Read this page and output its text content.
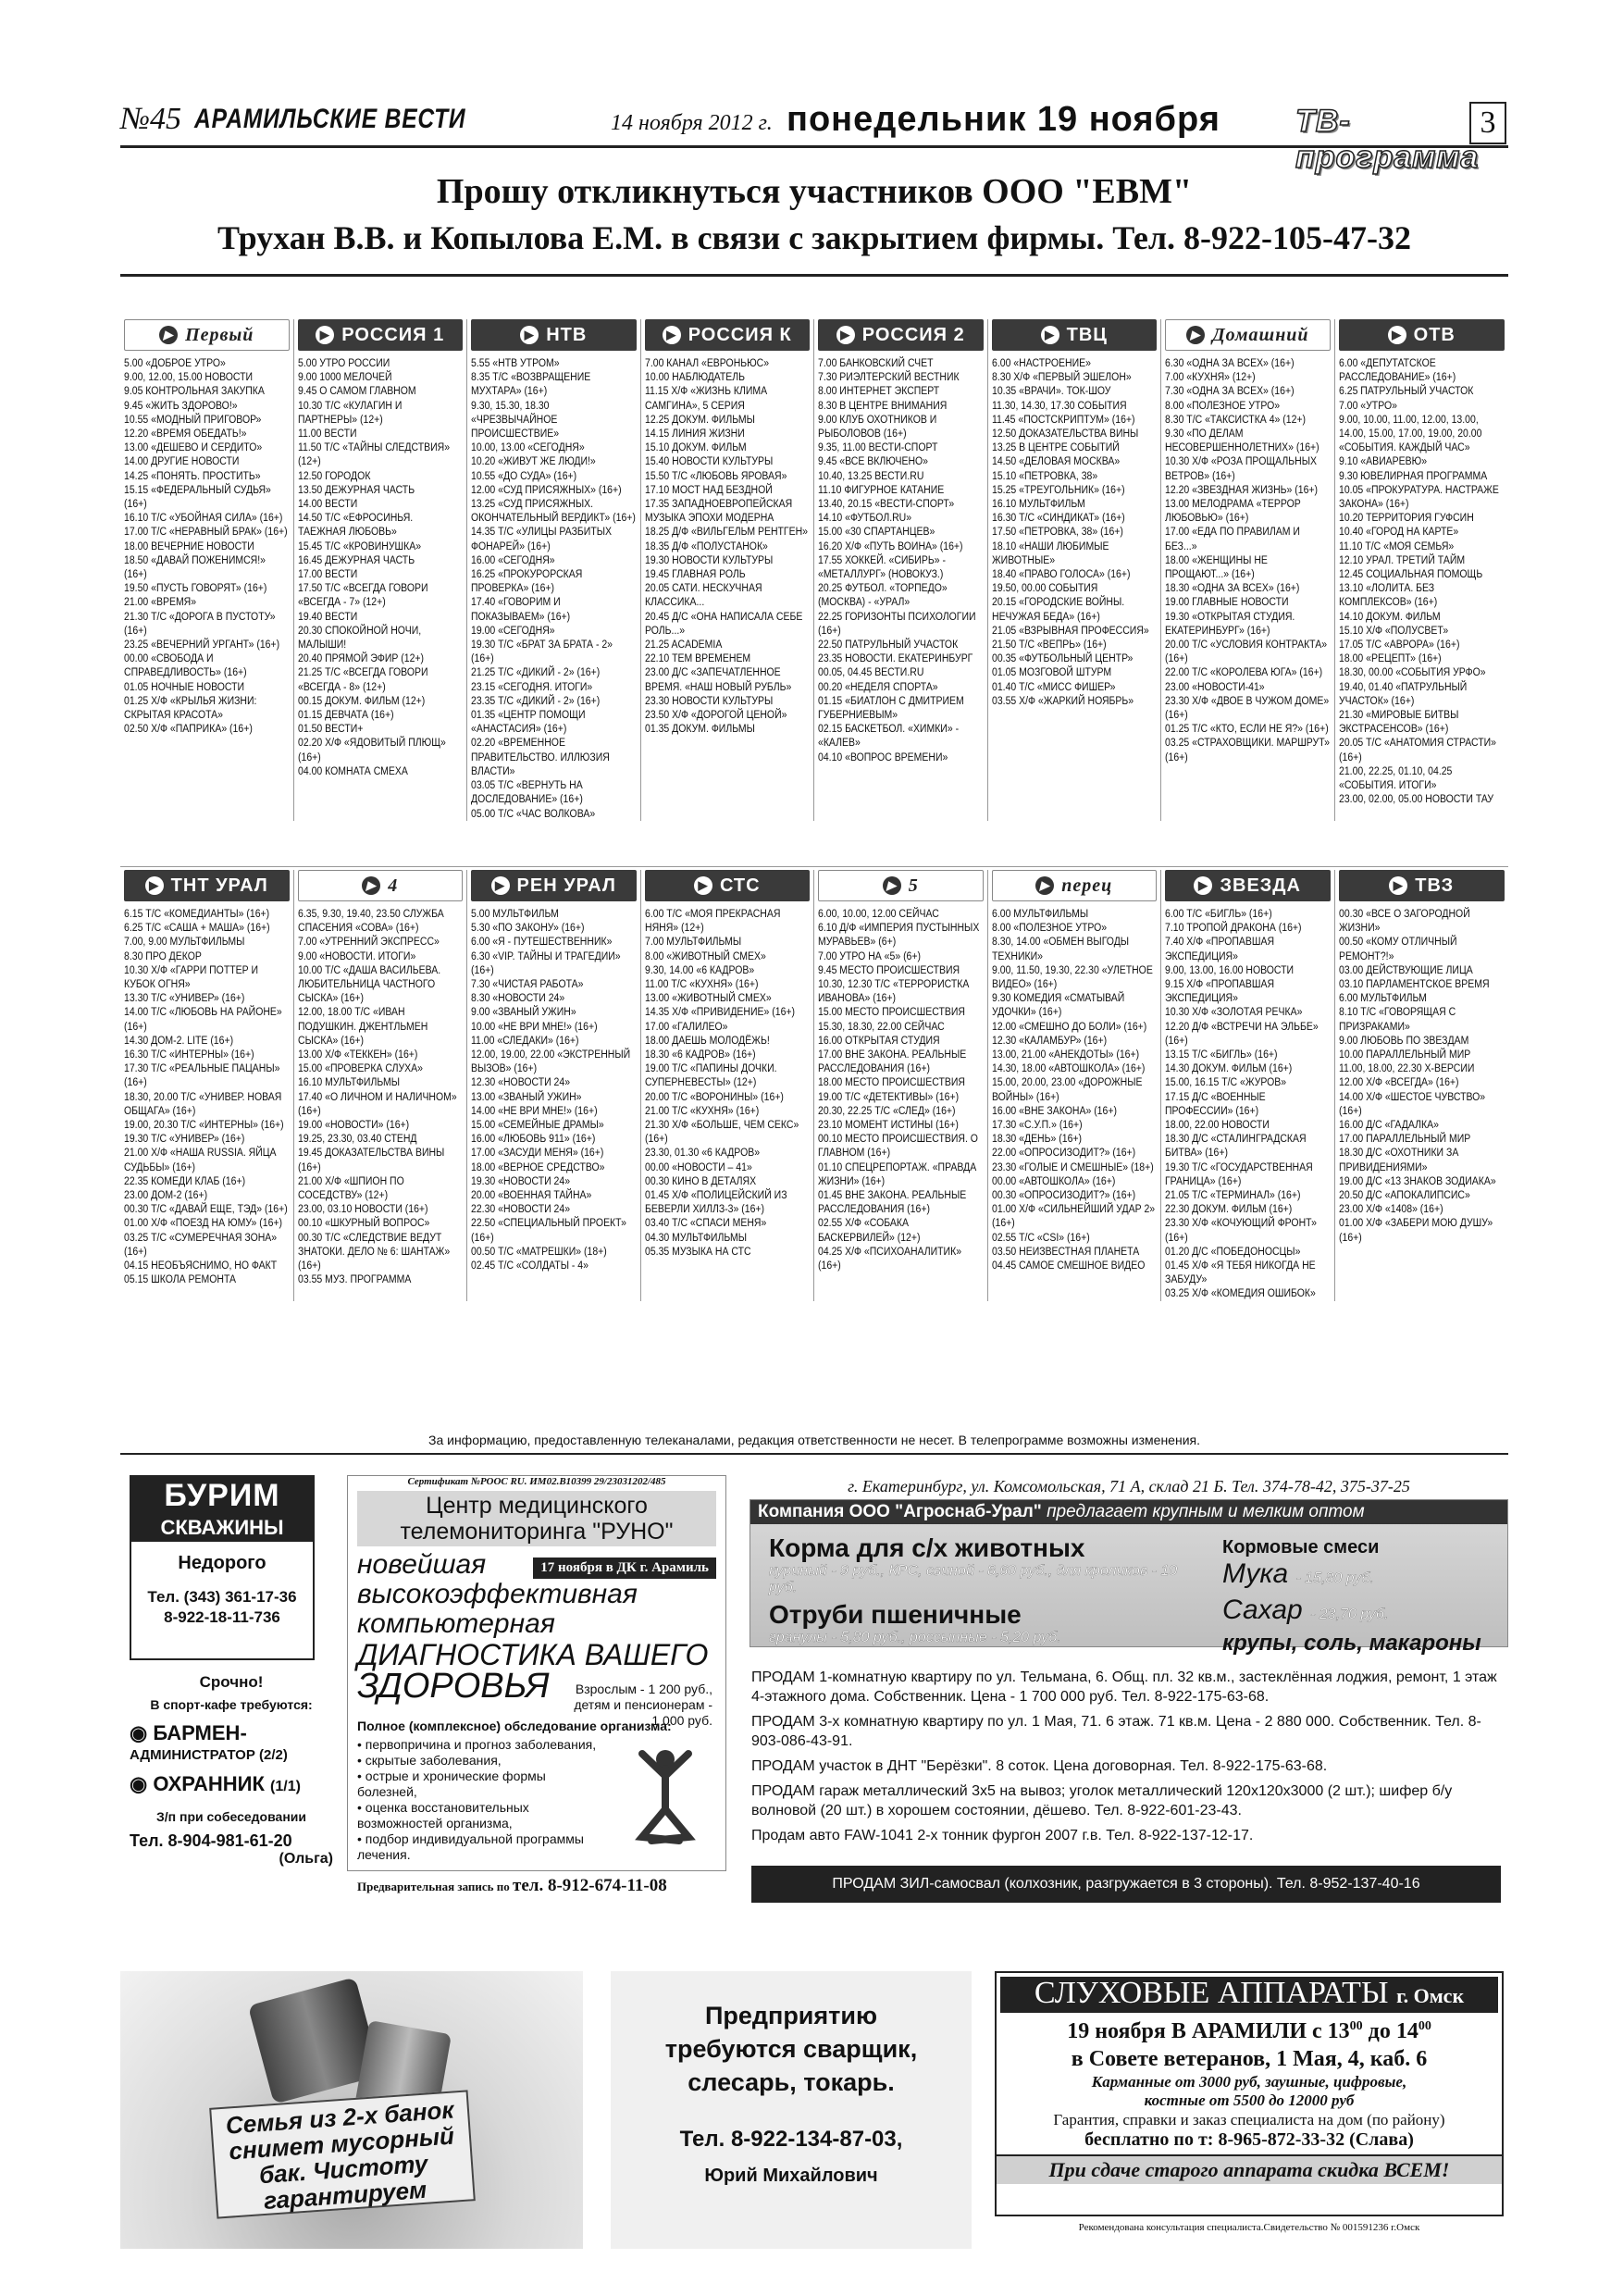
№45 АРАМИЛЬСКИЕ ВЕСТИ	14 ноября 2012 г. понедельник 19 ноября ТВ-программа
3
Прошу откликнуться участников ООО "ЕВМ"
Трухан В.В. и Копылова Е.М. в связи с закрытием фирмы. Тел. 8-922-105-47-32
▶ Первый
5.00 «ДОБРОЕ УТРО»
9.00, 12.00, 15.00 НОВОСТИ
9.05 КОНТРОЛЬНАЯ ЗАКУПКА
9.45 «ЖИТЬ ЗДОРОВО!»
10.55 «МОДНЫЙ ПРИГОВОР»
12.20 «ВРЕМЯ ОБЕДАТЬ!»
13.00 «ДЕШЕВО И СЕРДИТО»
14.00 ДРУГИЕ НОВОСТИ
14.25 «ПОНЯТЬ. ПРОСТИТЬ»
15.15 «ФЕДЕРАЛЬНЫЙ СУДЬЯ» (16+)
16.10 Т/С «УБОЙНАЯ СИЛА» (16+)
17.00 Т/С «НЕРАВНЫЙ БРАК» (16+)
18.00 ВЕЧЕРНИЕ НОВОСТИ
18.50 «ДАВАЙ ПОЖЕНИМСЯ!» (16+)
19.50 «ПУСТЬ ГОВОРЯТ» (16+)
21.00 «ВРЕМЯ»
21.30 Т/С «ДОРОГА В ПУСТОТУ» (16+)
23.25 «ВЕЧЕРНИЙ УРГАНТ» (16+)
00.00 «СВОБОДА И СПРАВЕДЛИВОСТЬ» (16+)
01.05 НОЧНЫЕ НОВОСТИ
01.25 Х/Ф «КРЫЛЬЯ ЖИЗНИ: СКРЫТАЯ КРАСОТА»
02.50 Х/Ф «ПАПРИКА» (16+)
▶ РОССИЯ 1
5.00 УТРО РОССИИ
9.00 1000 МЕЛОЧЕЙ
9.45 О САМОМ ГЛАВНОМ
10.30 Т/С «КУЛАГИН И ПАРТНЕРЫ» (12+)
11.00 ВЕСТИ
11.50 Т/С «ТАЙНЫ СЛЕДСТВИЯ» (12+)
12.50 ГОРОДОК
13.50 ДЕЖУРНАЯ ЧАСТЬ
14.00 ВЕСТИ
14.50 Т/С «ЕФРОСИНЬЯ. ТАЕЖНАЯ ЛЮБОВЬ»
15.45 Т/С «КРОВИНУШКА»
16.45 ДЕЖУРНАЯ ЧАСТЬ
17.00 ВЕСТИ
17.50 Т/С «ВСЕГДА ГОВОРИ «ВСЕГДА - 7» (12+)
19.40 ВЕСТИ
20.30 СПОКОЙНОЙ НОЧИ, МАЛЫШИ!
20.40 ПРЯМОЙ ЭФИР (12+)
21.25 Т/С «ВСЕГДА ГОВОРИ «ВСЕГДА - 8» (12+)
00.15 ДОКУМ. ФИЛЬМ (12+)
01.15 ДЕВЧАТА (16+)
01.50 ВЕСТИ+
02.20 Х/Ф «ЯДОВИТЫЙ ПЛЮЩ» (16+)
04.00 КОМНАТА СМЕХА
▶ НТВ
5.55 «НТВ УТРОМ»
8.35 Т/С «ВОЗВРАЩЕНИЕ МУХТАРА» (16+)
9.30, 15.30, 18.30 «ЧРЕЗВЫЧАЙНОЕ ПРОИСШЕСТВИЕ»
10.00, 13.00 «СЕГОДНЯ»
10.20 «ЖИВУТ ЖЕ ЛЮДИ!»
10.55 «ДО СУДА» (16+)
12.00 «СУД ПРИСЯЖНЫХ» (16+)
13.25 «СУД ПРИСЯЖНЫХ. ОКОНЧАТЕЛЬНЫЙ ВЕРДИКТ» (16+)
14.35 Т/С «УЛИЦЫ РАЗБИТЫХ ФОНАРЕЙ» (16+)
16.00 «СЕГОДНЯ»
16.25 «ПРОКУРОРСКАЯ ПРОВЕРКА» (16+)
17.40 «ГОВОРИМ И ПОКАЗЫВАЕМ» (16+)
19.00 «СЕГОДНЯ»
19.30 Т/С «БРАТ ЗА БРАТА - 2» (16+)
21.25 Т/С «ДИКИЙ - 2» (16+)
23.15 «СЕГОДНЯ. ИТОГИ»
23.35 Т/С «ДИКИЙ - 2» (16+)
01.35 «ЦЕНТР ПОМОЩИ «АНАСТАСИЯ» (16+)
02.20 «ВРЕМЕННОЕ ПРАВИТЕЛЬСТВО. ИЛЛЮЗИЯ ВЛАСТИ»
03.05 Т/С «ВЕРНУТЬ НА ДОСЛЕДОВАНИЕ» (16+)
05.00 Т/С «ЧАС ВОЛКОВА»
▶ РОССИЯ К
7.00 КАНАЛ «ЕВРОНЬЮС»
10.00 НАБЛЮДАТЕЛЬ
11.15 Х/Ф «ЖИЗНЬ КЛИМА САМГИНА», 5 СЕРИЯ
12.25 ДОКУМ. ФИЛЬМЫ
14.15 ЛИНИЯ ЖИЗНИ
15.10 ДОКУМ. ФИЛЬМ
15.40 НОВОСТИ КУЛЬТУРЫ
15.50 Т/С «ЛЮБОВЬ ЯРОВАЯ»
17.10 МОСТ НАД БЕЗДНОЙ
17.35 ЗАПАДНОЕВРОПЕЙСКАЯ МУЗЫКА ЭПОХИ МОДЕРНА
18.25 Д/Ф «ВИЛЬГЕЛЬМ РЕНТГЕН»
18.35 Д/Ф «ПОЛУСТАНОК»
19.30 НОВОСТИ КУЛЬТУРЫ
19.45 ГЛАВНАЯ РОЛЬ
20.05 САТИ. НЕСКУЧНАЯ КЛАССИКА...
20.45 Д/С «ОНА НАПИСАЛА СЕБЕ РОЛЬ...»
21.25 ACADEMIA
22.10 ТЕМ ВРЕМЕНЕМ
23.00 Д/С «ЗАПЕЧАТЛЕННОЕ ВРЕМЯ. «НАШ НОВЫЙ РУБЛЬ»
23.30 НОВОСТИ КУЛЬТУРЫ
23.50 Х/Ф «ДОРОГОЙ ЦЕНОЙ»
01.35 ДОКУМ. ФИЛЬМЫ
▶ РОССИЯ 2
7.00 БАНКОВСКИЙ СЧЕТ
7.30 РИЭЛТЕРСКИЙ ВЕСТНИК
8.00 ИНТЕРНЕТ ЭКСПЕРТ
8.30 В ЦЕНТРЕ ВНИМАНИЯ
9.00 КЛУБ ОХОТНИКОВ И РЫБОЛОВОВ (16+)
9.35, 11.00 ВЕСТИ-СПОРТ
9.45 «ВСЕ ВКЛЮЧЕНО»
10.40, 13.25 ВЕСТИ.RU
11.10 ФИГУРНОЕ КАТАНИЕ
13.40, 20.15 «ВЕСТИ-СПОРТ»
14.10 «ФУТБОЛ.RU»
15.00 «30 СПАРТАНЦЕВ»
16.20 Х/Ф «ПУТЬ ВОИНА» (16+)
17.55 ХОККЕЙ. «СИБИРЬ» - «МЕТАЛЛУРГ» (НОВОКУЗ.)
20.25 ФУТБОЛ. «ТОРПЕДО» (МОСКВА) - «УРАЛ»
22.25 ГОРИЗОНТЫ ПСИХОЛОГИИ (16+)
22.50 ПАТРУЛЬНЫЙ УЧАСТОК
23.35 НОВОСТИ. ЕКАТЕРИНБУРГ
00.05, 04.45 ВЕСТИ.RU
00.20 «НЕДЕЛЯ СПОРТА»
01.15 «БИАТЛОН С ДМИТРИЕМ ГУБЕРНИЕВЫМ»
02.15 БАСКЕТБОЛ. «ХИМКИ» - «КАЛЕВ»
04.10 «ВОПРОС ВРЕМЕНИ»
▶ ТВЦ
6.00 «НАСТРОЕНИЕ»
8.30 Х/Ф «ПЕРВЫЙ ЭШЕЛОН»
10.35 «ВРАЧИ». ТОК-ШОУ
11.30, 14.30, 17.30 СОБЫТИЯ
11.45 «ПОСТСКРИПТУМ» (16+)
12.50 ДОКАЗАТЕЛЬСТВА ВИНЫ
13.25 В ЦЕНТРЕ СОБЫТИЙ
14.50 «ДЕЛОВАЯ МОСКВА»
15.10 «ПЕТРОВКА, 38»
15.25 «ТРЕУГОЛЬНИК» (16+)
16.10 МУЛЬТФИЛЬМ
16.30 Т/С «СИНДИКАТ» (16+)
17.50 «ПЕТРОВКА, 38» (16+)
18.10 «НАШИ ЛЮБИМЫЕ ЖИВОТНЫЕ»
18.40 «ПРАВО ГОЛОСА» (16+)
19.50, 00.00 СОБЫТИЯ
20.15 «ГОРОДСКИЕ ВОЙНЫ. НЕЧУЖАЯ БЕДА» (16+)
21.05 «ВЗРЫВНАЯ ПРОФЕССИЯ»
21.50 Т/С «ВЕПРЬ» (16+)
00.35 «ФУТБОЛЬНЫЙ ЦЕНТР»
01.05 МОЗГОВОЙ ШТУРМ
01.40 Т/С «МИСС ФИШЕР»
03.55 Х/Ф «ЖАРКИЙ НОЯБРЬ»
▶ Домашний
6.30 «ОДНА ЗА ВСЕХ» (16+)
7.00 «КУХНЯ» (12+)
7.30 «ОДНА ЗА ВСЕХ» (16+)
8.00 «ПОЛЕЗНОЕ УТРО»
8.30 Т/С «ТАКСИСТКА 4» (12+)
9.30 «ПО ДЕЛАМ НЕСОВЕРШЕННОЛЕТНИХ» (16+)
10.30 Х/Ф «РОЗА ПРОЩАЛЬНЫХ ВЕТРОВ» (16+)
12.20 «ЗВЕЗДНАЯ ЖИЗНЬ» (16+)
13.00 МЕЛОДРАМА «ТЕРРОР ЛЮБОВЬЮ» (16+)
17.00 «ЕДА ПО ПРАВИЛАМ И БЕЗ...»
18.00 «ЖЕНЩИНЫ НЕ ПРОЩАЮТ...» (16+)
18.30 «ОДНА ЗА ВСЕХ» (16+)
19.00 ГЛАВНЫЕ НОВОСТИ
19.30 «ОТКРЫТАЯ СТУДИЯ. ЕКАТЕРИНБУРГ» (16+)
20.00 Т/С «УСЛОВИЯ КОНТРАКТА» (16+)
22.00 Т/С «КОРОЛЕВА ЮГА» (16+)
23.00 «НОВОСТИ-41»
23.30 Х/Ф «ДВОЕ В ЧУЖОМ ДОМЕ» (16+)
01.25 Т/С «КТО, ЕСЛИ НЕ Я?» (16+)
03.25 «СТРАХОВЩИКИ. МАРШРУТ» (16+)
▶ ОТВ
6.00 «ДЕПУТАТСКОЕ РАССЛЕДОВАНИЕ» (16+)
6.25 ПАТРУЛЬНЫЙ УЧАСТОК
7.00 «УТРО»
9.00, 10.00, 11.00, 12.00, 13.00, 14.00, 15.00, 17.00, 19.00, 20.00 «СОБЫТИЯ. КАЖДЫЙ ЧАС»
9.10 «АВИАРЕВЮ»
9.30 ЮВЕЛИРНАЯ ПРОГРАММА
10.05 «ПРОКУРАТУРА. НАСТРАЖЕ ЗАКОНА» (16+)
10.20 ТЕРРИТОРИЯ ГУФСИН
10.40 «ГОРОД НА КАРТЕ»
11.10 Т/С «МОЯ СЕМЬЯ»
12.10 УРАЛ. ТРЕТИЙ ТАЙМ
12.45 СОЦИАЛЬНАЯ ПОМОЩЬ
13.10 «ЛОЛИТА. БЕЗ КОМПЛЕКСОВ» (16+)
14.10 ДОКУМ. ФИЛЬМ
15.10 Х/Ф «ПОЛУСВЕТ»
17.05 Т/С «АВРОРА» (16+)
18.00 «РЕЦЕПТ» (16+)
18.30, 00.00 «СОБЫТИЯ УРФО»
19.40, 01.40 «ПАТРУЛЬНЫЙ УЧАСТОК» (16+)
21.30 «МИРОВЫЕ БИТВЫ ЭКСТРАСЕНСОВ» (16+)
20.05 Т/С «АНАТОМИЯ СТРАСТИ» (16+)
21.00, 22.25, 01.10, 04.25 «СОБЫТИЯ. ИТОГИ»
23.00, 02.00, 05.00 НОВОСТИ ТАУ
▶ ТНТ УРАЛ
6.15 Т/С «КОМЕДИАНТЫ» (16+)
6.25 Т/С «САША + МАША» (16+)
7.00, 9.00 МУЛЬТФИЛЬМЫ
8.30 ПРО ДЕКОР
10.30 Х/Ф «ГАРРИ ПОТТЕР И КУБОК ОГНЯ»
13.30 Т/С «УНИВЕР» (16+)
14.00 Т/С «ЛЮБОВЬ НА РАЙОНЕ» (16+)
14.30 ДОМ-2. LITE (16+)
16.30 Т/С «ИНТЕРНЫ» (16+)
17.30 Т/С «РЕАЛЬНЫЕ ПАЦАНЫ» (16+)
18.30, 20.00 Т/С «УНИВЕР. НОВАЯ ОБЩАГА» (16+)
19.00, 20.30 Т/С «ИНТЕРНЫ» (16+)
19.30 Т/С «УНИВЕР» (16+)
21.00 Х/Ф «НАША RUSSIA. ЯЙЦА СУДЬБЫ» (16+)
22.35 КОМЕДИ КЛАБ (16+)
23.00 ДОМ-2 (16+)
00.30 Т/С «ДАВАЙ ЕЩЕ, ТЭД» (16+)
01.00 Х/Ф «ПОЕЗД НА ЮМУ» (16+)
03.25 Т/С «СУМЕРЕЧНАЯ ЗОНА» (16+)
04.15 НЕОБЪЯСНИМО, НО ФАКТ
05.15 ШКОЛА РЕМОНТА
▶ 4
6.35, 9.30, 19.40, 23.50 СЛУЖБА СПАСЕНИЯ «СОВА» (16+)
7.00 «УТРЕННИЙ ЭКСПРЕСС»
9.00 «НОВОСТИ. ИТОГИ»
10.00 Т/С «ДАША ВАСИЛЬЕВА. ЛЮБИТЕЛЬНИЦА ЧАСТНОГО СЫСКА» (16+)
12.00, 18.00 Т/С «ИВАН ПОДУШКИН. ДЖЕНТЛЬМЕН СЫСКА» (16+)
13.00 Х/Ф «ТЕККЕН» (16+)
15.00 «ПРОВЕРКА СЛУХА»
16.10 МУЛЬТФИЛЬМЫ
17.40 «О ЛИЧНОМ И НАЛИЧНОМ» (16+)
19.00 «НОВОСТИ» (16+)
19.25, 23.30, 03.40 СТЕНД
19.45 ДОКАЗАТЕЛЬСТВА ВИНЫ (16+)
21.00 Х/Ф «ШПИОН ПО СОСЕДСТВУ» (12+)
23.00, 03.10 НОВОСТИ (16+)
00.10 «ШКУРНЫЙ ВОПРОС»
00.30 Т/С «СЛЕДСТВИЕ ВЕДУТ ЗНАТОКИ. ДЕЛО № 6: ШАНТАЖ» (16+)
03.55 МУЗ. ПРОГРАММА
▶ РЕН УРАЛ
5.00 МУЛЬТФИЛЬМ
5.30 «ПО ЗАКОНУ» (16+)
6.00 «Я - ПУТЕШЕСТВЕННИК»
6.30 «VIP. ТАЙНЫ И ТРАГЕДИИ» (16+)
7.30 «ЧИСТАЯ РАБОТА»
8.30 «НОВОСТИ 24»
9.00 «ЗВАНЫЙ УЖИН»
10.00 «НЕ ВРИ МНЕ!» (16+)
11.00 «СЛЕДАКИ» (16+)
12.00, 19.00, 22.00 «ЭКСТРЕННЫЙ ВЫЗОВ» (16+)
12.30 «НОВОСТИ 24»
13.00 «ЗВАНЫЙ УЖИН»
14.00 «НЕ ВРИ МНЕ!» (16+)
15.00 «СЕМЕЙНЫЕ ДРАМЫ»
16.00 «ЛЮБОВЬ 911» (16+)
17.00 «ЗАСУДИ МЕНЯ» (16+)
18.00 «ВЕРНОЕ СРЕДСТВО»
19.30 «НОВОСТИ 24»
20.00 «ВОЕННАЯ ТАЙНА»
22.30 «НОВОСТИ 24»
22.50 «СПЕЦИАЛЬНЫЙ ПРОЕКТ» (16+)
00.50 Т/С «МАТРЕШКИ» (18+)
02.45 Т/С «СОЛДАТЫ - 4»
▶ СТС
6.00 Т/С «МОЯ ПРЕКРАСНАЯ НЯНЯ» (12+)
7.00 МУЛЬТФИЛЬМЫ
8.00 «ЖИВОТНЫЙ СМЕХ»
9.30, 14.00 «6 КАДРОВ»
11.00 Т/С «КУХНЯ» (16+)
13.00 «ЖИВОТНЫЙ СМЕХ»
14.35 Х/Ф «ПРИВИДЕНИЕ» (16+)
17.00 «ГАЛИЛЕО»
18.00 ДАЕШЬ МОЛОДЁЖЬ!
18.30 «6 КАДРОВ» (16+)
19.00 Т/С «ПАПИНЫ ДОЧКИ. СУПЕРНЕВЕСТЫ» (12+)
20.00 Т/С «ВОРОНИНЫ» (16+)
21.00 Т/С «КУХНЯ» (16+)
21.30 Х/Ф «БОЛЬШЕ, ЧЕМ СЕКС» (16+)
23.30, 01.30 «6 КАДРОВ»
00.00 «НОВОСТИ – 41»
00.30 КИНО В ДЕТАЛЯХ
01.45 Х/Ф «ПОЛИЦЕЙСКИЙ ИЗ БЕВЕРЛИ ХИЛЛЗ-3» (16+)
03.40 Т/С «СПАСИ МЕНЯ»
04.30 МУЛЬТФИЛЬМЫ
05.35 МУЗЫКА НА СТС
▶ 5
6.00, 10.00, 12.00 СЕЙЧАС
6.10 Д/Ф «ИМПЕРИЯ ПУСТЫННЫХ МУРАВЬЕВ» (6+)
7.00 УТРО НА «5» (6+)
9.45 МЕСТО ПРОИСШЕСТВИЯ
10.30, 12.30 Т/С «ТЕРРОРИСТКА ИВАНОВА» (16+)
15.00 МЕСТО ПРОИСШЕСТВИЯ
15.30, 18.30, 22.00 СЕЙЧАС
16.00 ОТКРЫТАЯ СТУДИЯ
17.00 ВНЕ ЗАКОНА. РЕАЛЬНЫЕ РАССЛЕДОВАНИЯ (16+)
18.00 МЕСТО ПРОИСШЕСТВИЯ
19.00 Т/С «ДЕТЕКТИВЫ» (16+)
20.30, 22.25 Т/С «СЛЕД» (16+)
23.10 МОМЕНТ ИСТИНЫ (16+)
00.10 МЕСТО ПРОИСШЕСТВИЯ. О ГЛАВНОМ (16+)
01.10 СПЕЦРЕПОРТАЖ. «ПРАВДА ЖИЗНИ» (16+)
01.45 ВНЕ ЗАКОНА. РЕАЛЬНЫЕ РАССЛЕДОВАНИЯ (16+)
02.55 Х/Ф «СОБАКА БАСКЕРВИЛЕЙ» (12+)
04.25 Х/Ф «ПСИХОАНАЛИТИК» (16+)
▶ перец
6.00 МУЛЬТФИЛЬМЫ
8.00 «ПОЛЕЗНОЕ УТРО»
8.30, 14.00 «ОБМЕН ВЫГОДЫ ТЕХНИКИ»
9.00, 11.50, 19.30, 22.30 «УЛЕТНОЕ ВИДЕО» (16+)
9.30 КОМЕДИЯ «СМАТЫВАЙ УДОЧКИ» (16+)
12.00 «СМЕШНО ДО БОЛИ» (16+)
12.30 «КАЛАМБУР» (16+)
13.00, 21.00 «АНЕКДОТЫ» (16+)
14.30, 18.00 «АВТОШКОЛА» (16+)
15.00, 20.00, 23.00 «ДОРОЖНЫЕ ВОЙНЫ» (16+)
16.00 «ВНЕ ЗАКОНА» (16+)
17.30 «С.У.П.» (16+)
18.30 «ДЕНЬ» (16+)
22.00 «ОПРОСИЗОДИТ?» (16+)
23.30 «ГОЛЫЕ И СМЕШНЫЕ» (18+)
00.00 «АВТОШКОЛА» (16+)
00.30 «ОПРОСИЗОДИТ?» (16+)
01.00 Х/Ф «СИЛЬНЕЙШИЙ УДАР 2» (16+)
02.55 Т/С «CSI» (16+)
03.50 НЕИЗВЕСТНАЯ ПЛАНЕТА
04.45 САМОЕ СМЕШНОЕ ВИДЕО
▶ ЗВЕЗДА
6.00 Т/С «БИГЛЬ» (16+)
7.10 ТРОПОЙ ДРАКОНА (16+)
7.40 Х/Ф «ПРОПАВШАЯ ЭКСПЕДИЦИЯ»
9.00, 13.00, 16.00 НОВОСТИ
9.15 Х/Ф «ПРОПАВШАЯ ЭКСПЕДИЦИЯ»
10.30 Х/Ф «ЗОЛОТАЯ РЕЧКА»
12.20 Д/Ф «ВСТРЕЧИ НА ЭЛЬБЕ» (16+)
13.15 Т/С «БИГЛЬ» (16+)
14.30 ДОКУМ. ФИЛЬМ (16+)
15.00, 16.15 Т/С «ЖУРОВ»
17.15 Д/С «ВОЕННЫЕ ПРОФЕССИИ» (16+)
18.00, 22.00 НОВОСТИ
18.30 Д/С «СТАЛИНГРАДСКАЯ БИТВА» (16+)
19.30 Т/С «ГОСУДАРСТВЕННАЯ ГРАНИЦА» (16+)
21.05 Т/С «ТЕРМИНАЛ» (16+)
22.30 ДОКУМ. ФИЛЬМ (16+)
23.30 Х/Ф «КОЧУЮЩИЙ ФРОНТ» (16+)
01.20 Д/С «ПОБЕДОНОСЦЫ»
01.45 Х/Ф «Я ТЕБЯ НИКОГДА НЕ ЗАБУДУ»
03.25 Х/Ф «КОМЕДИЯ ОШИБОК»
▶ ТВЗ
00.30 «ВСЕ О ЗАГОРОДНОЙ ЖИЗНИ»
00.50 «КОМУ ОТЛИЧНЫЙ РЕМОНТ?!»
03.00 ДЕЙСТВУЮЩИЕ ЛИЦА
03.10 ПАРЛАМЕНТСКОЕ ВРЕМЯ
6.00 МУЛЬТФИЛЬМ
8.10 Т/С «ГОВОРЯЩАЯ С ПРИЗРАКАМИ»
9.00 ЛЮБОВЬ ПО ЗВЕЗДАМ
10.00 ПАРАЛЛЕЛЬНЫЙ МИР
11.00, 18.00, 22.30 Х-ВЕРСИИ
12.00 Х/Ф «ВСЕГДА» (16+)
14.00 Х/Ф «ШЕСТОЕ ЧУВСТВО» (16+)
16.00 Д/С «ГАДАЛКА»
17.00 ПАРАЛЛЕЛЬНЫЙ МИР
18.30 Д/С «ОХОТНИКИ ЗА ПРИВИДЕНИЯМИ»
19.00 Д/С «13 ЗНАКОВ ЗОДИАКА»
20.50 Д/С «АПОКАЛИПСИС»
23.00 Х/Ф «1408» (16+)
01.00 Х/Ф «ЗАБЕРИ МОЮ ДУШУ» (16+)
За информацию, предоставленную телеканалами, редакция ответственности не несет. В телепрограмме возможны изменения.
БУРИМ
СКВАЖИНЫ
Недорого
Тел. (343) 361-17-36
8-922-18-11-736
Срочно!
В спорт-кафе требуются:
◉ БАРМЕН-
АДМИНИСТРАТОР (2/2)
◉ ОХРАННИК (1/1)
З/п при собеседовании
Тел. 8-904-981-61-20
(Ольга)
Сертификат №РООС RU. ИМ02.В10399 29/23031202/485
Центр медицинского
телемониторинга "РУНО"
новейшая
высокоэффективная
компьютерная
17 ноября в ДК г. Арамиль
ДИАГНОСТИКА ВАШЕГО
ЗДОРОВЬЯ	Взрослым - 1 200 руб.,
детям и пенсионерам -
1 000 руб.
Полное (комплексное) обследование организма:
• первопричина и прогноз заболевания,
• скрытые заболевания,
• острые и хронические формы болезней,
• оценка восстановительных возможностей организма,
• подбор индивидуальной программы лечения.
Предварительная запись по тел. 8-912-674-11-08
г. Екатеринбург, ул. Комсомольская, 71 А, склад 21 Б. Тел. 374-78-42, 375-37-25
Компания ООО "Агроснаб-Урал" предлагает крупным и мелким оптом
Корма для с/х животных
куриный - 9 руб., КРС, свиной - 8,60 руб., для кроликов - 10 руб.
Отруби пшеничные
гранулы - 5,80 руб., россыпные - 5,20 руб.
Кормовые смеси
Мука - 15,80 руб.
Сахар - 23,70 руб.
крупы, соль, макароны

ПРОДАМ 1-комнатную квартиру по ул. Тельмана, 6. Общ. пл. 32 кв.м., застеклённая лоджия, ремонт, 1 этаж 4-этажного дома. Собственник. Цена - 1 700 000 руб. Тел. 8-922-175-63-68.

ПРОДАМ 3-х комнатную квартиру по ул. 1 Мая, 71. 6 этаж. 71 кв.м. Цена - 2 880 000. Собственник. Тел. 8-903-086-43-91.

ПРОДАМ участок в ДНТ "Берёзки". 8 соток. Цена договорная. Тел. 8-922-175-63-68.

ПРОДАМ гараж металлический 3х5 на вывоз; уголок металлический 120х120х3000 (2 шт.); шифер б/у волновой (20 шт.) в хорошем состоянии, дёшево. Тел. 8-922-601-23-43.

Продам авто FAW-1041 2-х тонник фургон 2007 г.в. Тел. 8-922-137-12-17.

ПРОДАМ ЗИЛ-самосвал (колхозник, разгружается в 3 стороны). Тел. 8-952-137-40-16
Семья из 2-х банок снимет мусорный бак. Чистоту гарантируем
Предприятию
требуются сварщик,
слесарь, токарь.
Тел. 8-922-134-87-03,
Юрий Михайлович
СЛУХОВЫЕ АППАРАТЫ г. Омск
19 ноября В АРАМИЛИ с $13^{00}$ до $14^{00}$
в Совете ветеранов, 1 Мая, 4, каб. 6
Карманные от 3000 руб, заушные, цифровые,
костные от 5500 до 12000 руб
Гарантия, справки и заказ специалиста на дом (по району)
бесплатно по т: 8-965-872-33-32 (Слава)
При сдаче старого аппарата скидка ВСЕМ!
Рекомендована консультация специалиста.Свидетельство № 001591236 г.Омск
